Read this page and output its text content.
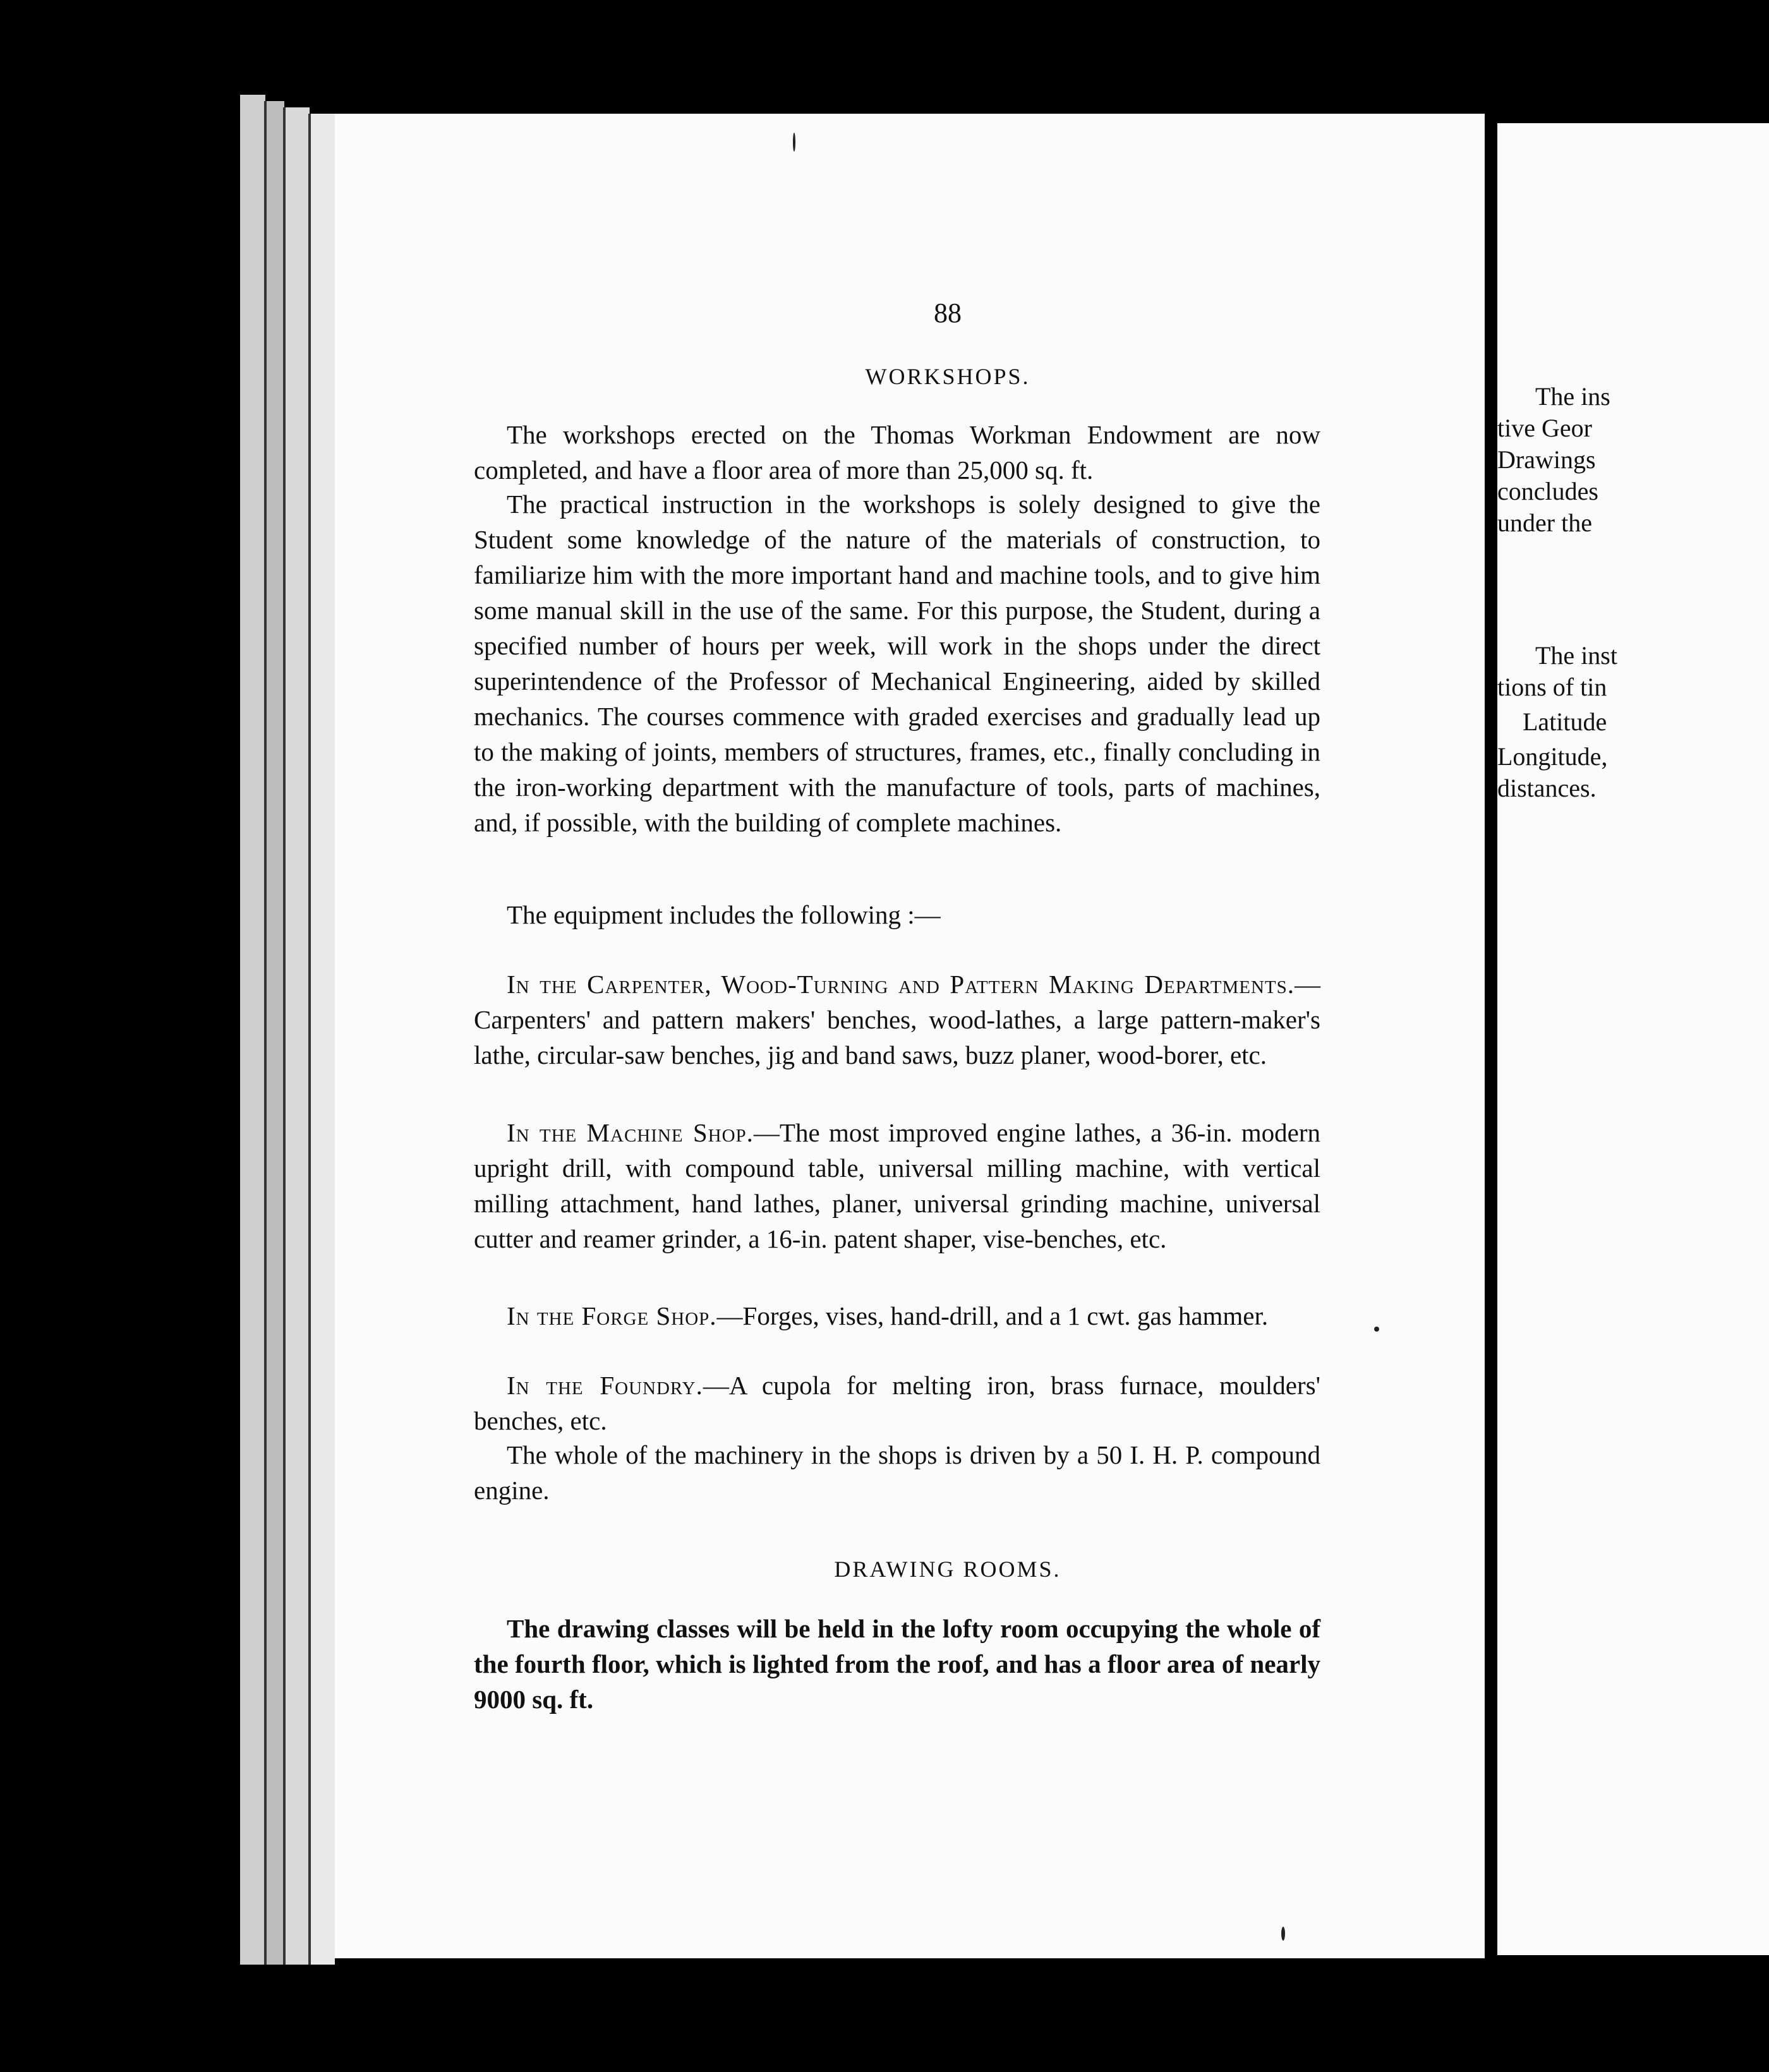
88
WORKSHOPS.

The workshops erected on the Thomas Workman Endowment are now completed, and have a floor area of more than 25,000 sq. ft.

The practical instruction in the workshops is solely designed to give the Student some knowledge of the nature of the materials of construction, to familiarize him with the more important hand and machine tools, and to give him some manual skill in the use of the same. For this purpose, the Student, during a specified number of hours per week, will work in the shops under the direct superintendence of the Professor of Mechanical Engineering, aided by skilled mechanics. The courses commence with graded exercises and gradually lead up to the making of joints, members of structures, frames, etc., finally concluding in the iron-working department with the manufacture of tools, parts of machines, and, if possible, with the building of complete machines.

The equipment includes the following :—

In the Carpenter, Wood-Turning and Pattern Making Departments.—Carpenters' and pattern makers' benches, wood-lathes, a large pattern-maker's lathe, circular-saw benches, jig and band saws, buzz planer, wood-borer, etc.

In the Machine Shop.—The most improved engine lathes, a 36-in. modern upright drill, with compound table, universal milling machine, with vertical milling attachment, hand lathes, planer, universal grinding machine, universal cutter and reamer grinder, a 16-in. patent shaper, vise-benches, etc.

In the Forge Shop.—Forges, vises, hand-drill, and a 1 cwt. gas hammer.

In the Foundry.—A cupola for melting iron, brass furnace, moulders' benches, etc.

The whole of the machinery in the shops is driven by a 50 I. H. P. compound engine.

DRAWING ROOMS.

The drawing classes will be held in the lofty room occupying the whole of the fourth floor, which is lighted from the roof, and has a floor area of nearly 9000 sq. ft.

The ins
tive Geor
Drawings
concludes
under the
The inst
tions of tin
Latitude
Longitude,
distances.
